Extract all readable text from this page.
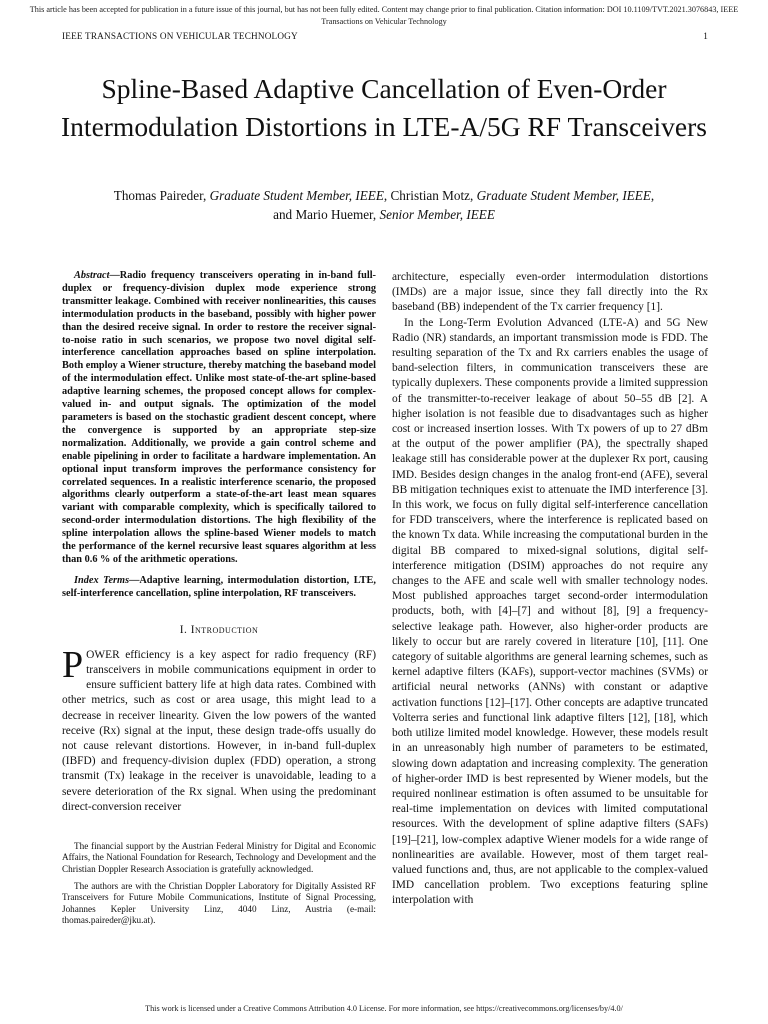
This article has been accepted for publication in a future issue of this journal, but has not been fully edited. Content may change prior to final publication. Citation information: DOI 10.1109/TVT.2021.3076843, IEEE Transactions on Vehicular Technology
IEEE TRANSACTIONS ON VEHICULAR TECHNOLOGY	1
Spline-Based Adaptive Cancellation of Even-Order Intermodulation Distortions in LTE-A/5G RF Transceivers
Thomas Paireder, Graduate Student Member, IEEE, Christian Motz, Graduate Student Member, IEEE,
and Mario Huemer, Senior Member, IEEE

Abstract—Radio frequency transceivers operating in in-band full-duplex or frequency-division duplex mode experience strong transmitter leakage. Combined with receiver nonlinearities, this causes intermodulation products in the baseband, possibly with higher power than the desired receive signal. In order to restore the receiver signal-to-noise ratio in such scenarios, we propose two novel digital self-interference cancellation approaches based on spline interpolation. Both employ a Wiener structure, thereby matching the baseband model of the intermodulation effect. Unlike most state-of-the-art spline-based adaptive learning schemes, the proposed concept allows for complex-valued in- and output signals. The optimization of the model parameters is based on the stochastic gradient descent concept, where the convergence is supported by an appropriate step-size normalization. Additionally, we provide a gain control scheme and enable pipelining in order to facilitate a hardware implementation. An optional input transform improves the performance consistency for correlated sequences. In a realistic interference scenario, the proposed algorithms clearly outperform a state-of-the-art least mean squares variant with comparable complexity, which is specifically tailored to second-order intermodulation distortions. The high flexibility of the spline interpolation allows the spline-based Wiener models to match the performance of the kernel recursive least squares algorithm at less than 0.6 % of the arithmetic operations.

Index Terms—Adaptive learning, intermodulation distortion, LTE, self-interference cancellation, spline interpolation, RF transceivers.

I. Introduction

POWER efficiency is a key aspect for radio frequency (RF) transceivers in mobile communications equipment in order to ensure sufficient battery life at high data rates. Combined with other metrics, such as cost or area usage, this might lead to a decrease in receiver linearity. Given the low powers of the wanted receive (Rx) signal at the input, these design trade-offs usually do not cause relevant distortions. However, in in-band full-duplex (IBFD) and frequency-division duplex (FDD) operation, a strong transmit (Tx) leakage in the receiver is unavoidable, leading to a severe deterioration of the Rx signal. When using the predominant direct-conversion receiver

The financial support by the Austrian Federal Ministry for Digital and Economic Affairs, the National Foundation for Research, Technology and Development and the Christian Doppler Research Association is gratefully acknowledged.

The authors are with the Christian Doppler Laboratory for Digitally Assisted RF Transceivers for Future Mobile Communications, Institute of Signal Processing, Johannes Kepler University Linz, 4040 Linz, Austria (e-mail: thomas.paireder@jku.at).

architecture, especially even-order intermodulation distortions (IMDs) are a major issue, since they fall directly into the Rx baseband (BB) independent of the Tx carrier frequency [1].

In the Long-Term Evolution Advanced (LTE-A) and 5G New Radio (NR) standards, an important transmission mode is FDD. The resulting separation of the Tx and Rx carriers enables the usage of band-selection filters, in communication transceivers these are typically duplexers. These components provide a limited suppression of the transmitter-to-receiver leakage of about 50–55 dB [2]. A higher isolation is not feasible due to disadvantages such as higher cost or increased insertion losses. With Tx powers of up to 27 dBm at the output of the power amplifier (PA), the spectrally shaped leakage still has considerable power at the duplexer Rx port, causing IMD. Besides design changes in the analog front-end (AFE), several BB mitigation techniques exist to attenuate the IMD interference [3]. In this work, we focus on fully digital self-interference cancellation for FDD transceivers, where the interference is replicated based on the known Tx data. While increasing the computational burden in the digital BB compared to mixed-signal solutions, digital self-interference mitigation (DSIM) approaches do not require any changes to the AFE and scale well with smaller technology nodes. Most published approaches target second-order intermodulation products, both, with [4]–[7] and without [8], [9] a frequency-selective leakage path. However, also higher-order products are likely to occur but are rarely covered in literature [10], [11]. One category of suitable algorithms are general learning schemes, such as kernel adaptive filters (KAFs), support-vector machines (SVMs) or artificial neural networks (ANNs) with constant or adaptive activation functions [12]–[17]. Other concepts are adaptive truncated Volterra series and functional link adaptive filters [12], [18], which both utilize limited model knowledge. However, these models result in an unreasonably high number of parameters to be estimated, slowing down adaptation and increasing complexity. The generation of higher-order IMD is best represented by Wiener models, but the required nonlinear estimation is often assumed to be unsuitable for real-time implementation on devices with limited computational resources. With the development of spline adaptive filters (SAFs) [19]–[21], low-complex adaptive Wiener models for a wide range of nonlinearities are available. However, most of them target real-valued functions and, thus, are not applicable to the complex-valued IMD cancellation problem. Two exceptions featuring spline interpolation with

This work is licensed under a Creative Commons Attribution 4.0 License. For more information, see https://creativecommons.org/licenses/by/4.0/
